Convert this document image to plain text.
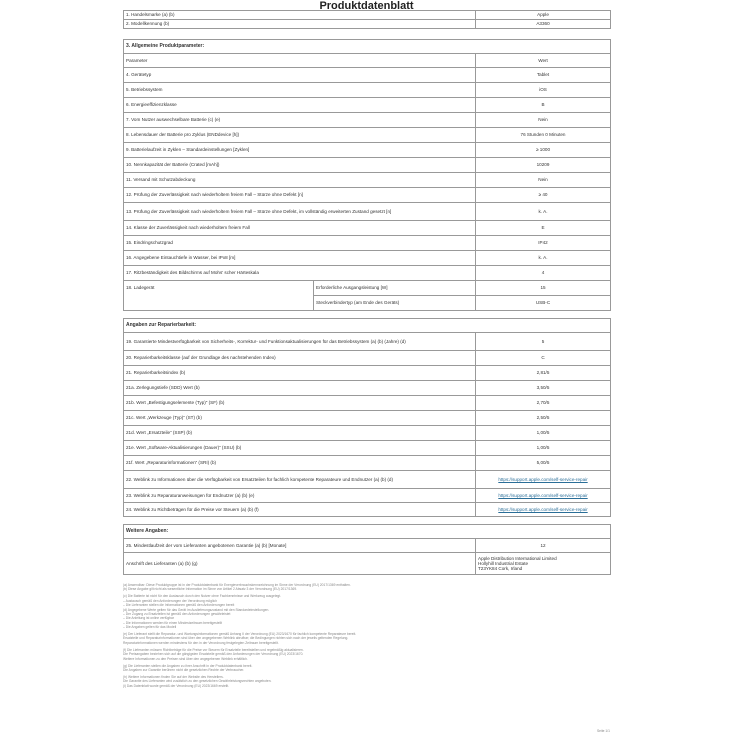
Produktdatenblatt
1. Handelsmarke (a) (b)	Apple
2. Modellkennung (b)	A3360
3. Allgemeine Produktparameter:		
Parameter		Wert
4. Gerätetyp		Tablet
5. Betriebssystem		iOS
6. Energieeffizienzklasse		B
7. Vom Nutzer auswechselbare Batterie (c) (e)		Nein
8. Lebensdauer der Batterie pro Zyklus (ENDdevice [h])		76 Stunden 0 Minuten
9. Batterielaufzeit in Zyklen – Standardeinstellungen [Zyklen]		≥ 1000
10. Nennkapazität der Batterie (Crated [mAh])		10209
11. Versand mit Schutzabdeckung		Nein
12. Prüfung der Zuverlässigkeit nach wiederholtem freiem Fall – Stürze ohne Defekt [n]		≥ 40
13. Prüfung der Zuverlässigkeit nach wiederholtem freiem Fall – Stürze ohne Defekt, im vollständig erweiterten Zustand gesetzt [n]		k. A.
14. Klasse der Zuverlässigkeit nach wiederholtem freiem Fall		E
15. Eindringschutzgrad		IP42
16. Angegebene Eintauchtiefe in Wasser, bei IPx8 [m]		k. A.
17. Ritzbeständigkeit des Bildschirms auf Mohs' scher Härteskala		4
18. Ladegerät	Erforderliche Ausgangsleistung [W]	15
	Steckverbindertyp (am Ende des Geräts)	USB-C
Angaben zur Reparierbarkeit:	
19. Garantierte Mindestverfügbarkeit von Sicherheits-, Korrektur- und Funktionsaktualisierungen für das Betriebssystem (a) (b) (Jahre) (d)	5
20. Reparierbarkeitsklasse (auf der Grundlage des nachstehenden Index)	C
21. Reparierbarkeitsindex (b)	2,81/5
21a. Zerlegungstiefe (SDD) Wert (b)	3,50/5
21b. Wert „Befestigungselemente (Typ)“ (SF) (b)	2,70/5
21c. Wert „Werkzeuge (Typ)“ (ST) (b)	2,50/5
21d. Wert „Ersatzteile“ (SSP) (b)	1,00/5
21e. Wert „Software-Aktualisierungen (Dauer)“ (SSU) (b)	1,00/5
21f. Wert „Reparaturinformationen“ (SRI) (b)	5,00/5
22. Weblink zu Informationen über die Verfügbarkeit von Ersatzteilen für fachlich kompetente Reparateure und Endnutzer (a) (b) (d)	https://support.apple.com/self-service-repair
23. Weblink zu Reparaturanweisungen für Endnutzer (a) (b) (e)	https://support.apple.com/self-service-repair
24. Weblink zu Richtbeträgen für die Preise vor Steuern (a) (b) (f)	https://support.apple.com/self-service-repair
Weitere Angaben:	
25. Mindestlaufzeit der vom Lieferanten angebotenen Garantie (a) (b) [Monate]	12
Anschrift des Lieferanten (a) (b) (g)	Apple Distribution International Limited
Hollyhill Industrial Estate
T23YK84 Cork, Irland
(a) Anwendbar: Diese Produktgruppe ist in der Produktdatenbank für Energieverbrauchskennzeichnung im Sinne der Verordnung (EU) 2017/1369 enthalten.
(b) Diese Angabe gilt nicht als wesentliche Information im Sinne von Artikel 2 Absatz 3 der Verordnung (EU) 2017/1369.
(c) Die Batterie ist nicht für den Austausch durch den Nutzer ohne Fachkenntnisse und Werkzeug ausgelegt.
– Austausch gemäß den Anforderungen der Verordnung möglich
– Die Lieferanten stellen die Informationen gemäß den Anforderungen bereit
(d) Angegebene Werte gelten für das Gerät im Auslieferungszustand mit den Standardeinstellungen.
– Der Zugang zu Ersatzteilen ist gemäß den Anforderungen gewährleistet
– Die Anleitung ist online verfügbar
– Die Informationen werden für einen Mindestzeitraum bereitgestellt
– Die Angaben gelten für das Modell
(e) Der Lieferant stellt die Reparatur- und Wartungsinformationen gemäß Anhang II der Verordnung (EU) 2023/1670 für fachlich kompetente Reparateure bereit.
Ersatzteile und Reparaturinformationen sind über den angegebenen Weblink abrufbar; die Bedingungen richten sich nach der jeweils geltenden Regelung.
Reparaturinformationen werden mindestens für den in der Verordnung festgelegten Zeitraum bereitgestellt.
(f) Die Lieferanten müssen Richtbeträge für die Preise vor Steuern für Ersatzteile bereitstellen und regelmäßig aktualisieren.
Die Preisangaben beziehen sich auf die gängigsten Ersatzteile gemäß den Anforderungen der Verordnung (EU) 2023/1670.
Weitere Informationen zu den Preisen sind über den angegebenen Weblink erhältlich.
(g) Die Lieferanten stellen die Angaben zu ihrer Anschrift in der Produktdatenbank bereit.
Die Angaben zur Garantie berühren nicht die gesetzlichen Rechte der Verbraucher.
(h) Weitere Informationen finden Sie auf der Website des Herstellers.
Die Garantie des Lieferanten wird zusätzlich zu den gesetzlichen Gewährleistungsrechten angeboten.
(i) Das Datenblatt wurde gemäß der Verordnung (EU) 2023/1669 erstellt.
Seite 1/1
